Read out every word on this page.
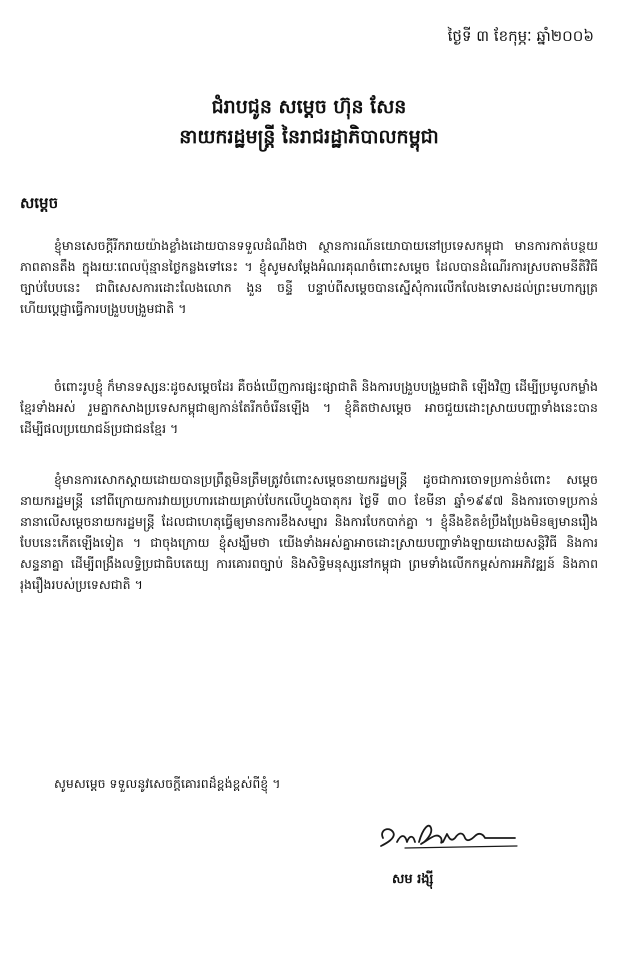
ថ្ងៃទី ៣ ខែកុម្ភៈ ឆ្នាំ២០០៦
ជំរាបជូន សម្តេច ហ៊ុន សែន
នាយករដ្ឋមន្ត្រី នៃរាជរដ្ឋាភិបាលកម្ពុជា
សម្តេច

ខ្ញុំមានសេចក្តីរីករាយយ៉ាងខ្លាំងដោយបានទទួលដំណឹងថា ស្ថានការណ៍នយោបាយនៅប្រទេសកម្ពុជា មានការកាត់បន្ថយភាពតានតឹង ក្នុងរយៈពេលប៉ុន្មានថ្ងៃកន្លងទៅនេះ ។ ខ្ញុំសូមសម្តែងអំណរគុណចំពោះសម្តេច ដែលបានដំណើរការស្របតាមនីតិវិធីច្បាប់បែបនេះ ជាពិសេសការដោះលែងលោក ងួន ចន្ទី បន្ទាប់ពីសម្តេចបានស្នើសុំការលើកលែងទោសដល់ព្រះមហាក្សត្រ ហើយប្តេជ្ញាធ្វើការបង្រួបបង្រួមជាតិ ។

ចំពោះរូបខ្ញុំ ក៏មានទស្សនៈដូចសម្តេចដែរ គឺចង់ឃើញការផ្សះផ្សាជាតិ និងការបង្រួបបង្រួមជាតិ ឡើងវិញ ដើម្បីប្រមូលកម្លាំងខ្មែរទាំងអស់ រួមគ្នាកសាងប្រទេសកម្ពុជាឲ្យកាន់តែរីកចំរើនឡើង ។ ខ្ញុំគិតថាសម្តេច អាចជួយដោះស្រាយបញ្ហាទាំងនេះបាន ដើម្បីផលប្រយោជន៍ប្រជាជនខ្មែរ ។

ខ្ញុំមានការសោកស្តាយដោយបានប្រព្រឹត្តមិនត្រឹមត្រូវចំពោះសម្តេចនាយករដ្ឋមន្ត្រី ដូចជាការចោទប្រកាន់ចំពោះ សម្តេចនាយករដ្ឋមន្ត្រី នៅពីក្រោយការវាយប្រហារដោយគ្រាប់បែកលើហ្វូងបាតុករ ថ្ងៃទី ៣០ ខែមីនា ឆ្នាំ១៩៩៧ និងការចោទប្រកាន់នានាលើសម្តេចនាយករដ្ឋមន្ត្រី ដែលជាហេតុធ្វើឲ្យមានការខឹងសម្បារ និងការបែកបាក់គ្នា ។ ខ្ញុំនឹងខិតខំប្រឹងប្រែងមិនឲ្យមានរឿងបែបនេះកើតឡើងទៀត ។ ជាចុងក្រោយ ខ្ញុំសង្ឃឹមថា យើងទាំងអស់គ្នាអាចដោះស្រាយបញ្ហាទាំងឡាយដោយសន្តិវិធី និងការសន្ទនាគ្នា ដើម្បីពង្រឹងលទ្ធិប្រជាធិបតេយ្យ ការគោរពច្បាប់ និងសិទ្ធិមនុស្សនៅកម្ពុជា ព្រមទាំងលើកកម្ពស់ការអភិវឌ្ឍន៍ និងភាពរុងរឿងរបស់ប្រទេសជាតិ ។

សូមសម្តេច ទទួលនូវសេចក្តីគោរពដ៏ខ្ពង់ខ្ពស់ពីខ្ញុំ ។
សម រង្ស៊ី
